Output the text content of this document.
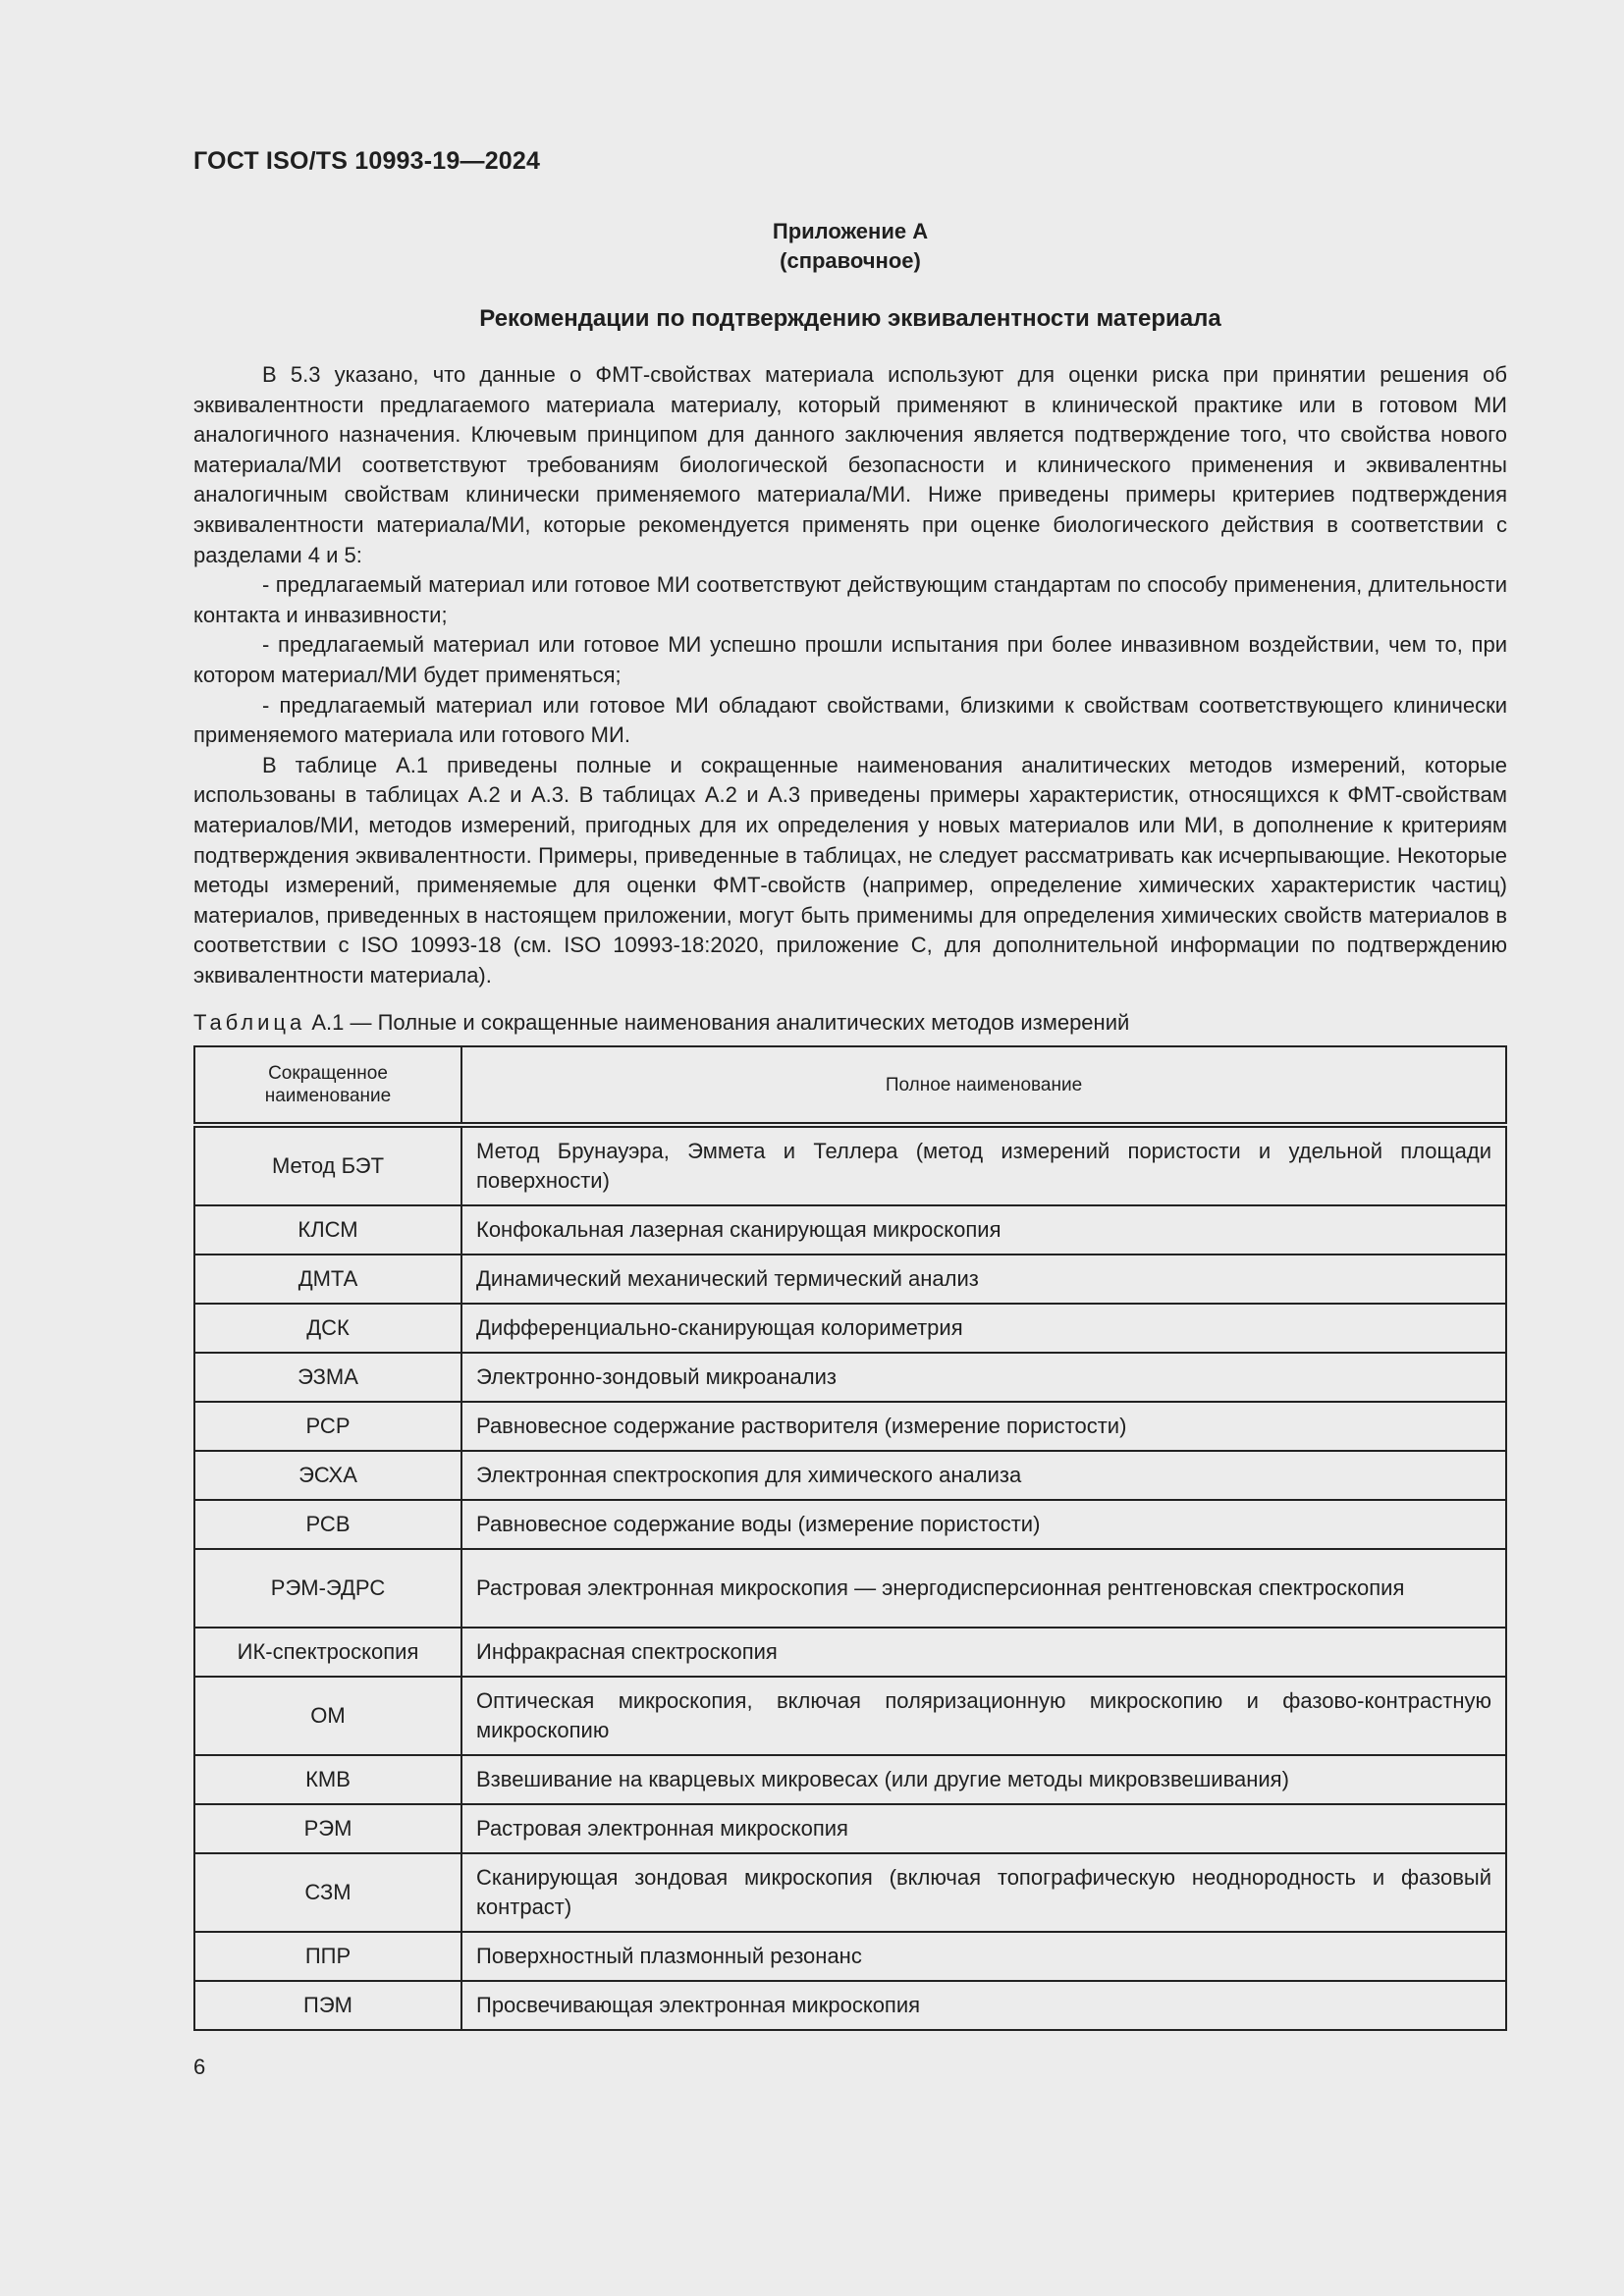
ГОСТ ISO/TS 10993-19—2024
Приложение А
(справочное)
Рекомендации по подтверждению эквивалентности материала

В 5.3 указано, что данные о ФМТ-свойствах материала используют для оценки риска при принятии решения об эквивалентности предлагаемого материала материалу, который применяют в клинической практике или в готовом МИ аналогичного назначения. Ключевым принципом для данного заключения является подтверждение того, что свойства нового материала/МИ соответствуют требованиям биологической безопасности и клинического применения и эквивалентны аналогичным свойствам клинически применяемого материала/МИ. Ниже приведены примеры критериев подтверждения эквивалентности материала/МИ, которые рекомендуется применять при оценке биологического действия в соответствии с разделами 4 и 5:

- предлагаемый материал или готовое МИ соответствуют действующим стандартам по способу применения, длительности контакта и инвазивности;

- предлагаемый материал или готовое МИ успешно прошли испытания при более инвазивном воздействии, чем то, при котором материал/МИ будет применяться;

- предлагаемый материал или готовое МИ обладают свойствами, близкими к свойствам соответствующего клинически применяемого материала или готового МИ.

В таблице А.1 приведены полные и сокращенные наименования аналитических методов измерений, которые использованы в таблицах А.2 и А.3. В таблицах А.2 и А.3 приведены примеры характеристик, относящихся к ФМТ-свойствам материалов/МИ, методов измерений, пригодных для их определения у новых материалов или МИ, в дополнение к критериям подтверждения эквивалентности. Примеры, приведенные в таблицах, не следует рассматривать как исчерпывающие. Некоторые методы измерений, применяемые для оценки ФМТ-свойств (например, определение химических характеристик частиц) материалов, приведенных в настоящем приложении, могут быть применимы для определения химических свойств материалов в соответствии с ISO 10993-18 (см. ISO 10993-18:2020, приложение С, для дополнительной информации по подтверждению эквивалентности материала).

Таблица А.1 — Полные и сокращенные наименования аналитических методов измерений
Сокращенное наименование	Полное наименование
Метод БЭТ	Метод Брунауэра, Эммета и Теллера (метод измерений пористости и удельной площади поверхности)
КЛСМ	Конфокальная лазерная сканирующая микроскопия
ДМТА	Динамический механический термический анализ
ДСК	Дифференциально-сканирующая колориметрия
ЭЗМА	Электронно-зондовый микроанализ
РСР	Равновесное содержание растворителя (измерение пористости)
ЭСХА	Электронная спектроскопия для химического анализа
РСВ	Равновесное содержание воды (измерение пористости)
РЭМ-ЭДРС	Растровая электронная микроскопия — энергодисперсионная рентгеновская спектроскопия
ИК-спектроскопия	Инфракрасная спектроскопия
ОМ	Оптическая микроскопия, включая поляризационную микроскопию и фазово-контрастную микроскопию
КМВ	Взвешивание на кварцевых микровесах (или другие методы микровзвешивания)
РЭМ	Растровая электронная микроскопия
СЗМ	Сканирующая зондовая микроскопия (включая топографическую неоднородность и фазовый контраст)
ППР	Поверхностный плазмонный резонанс
ПЭМ	Просвечивающая электронная микроскопия
6
